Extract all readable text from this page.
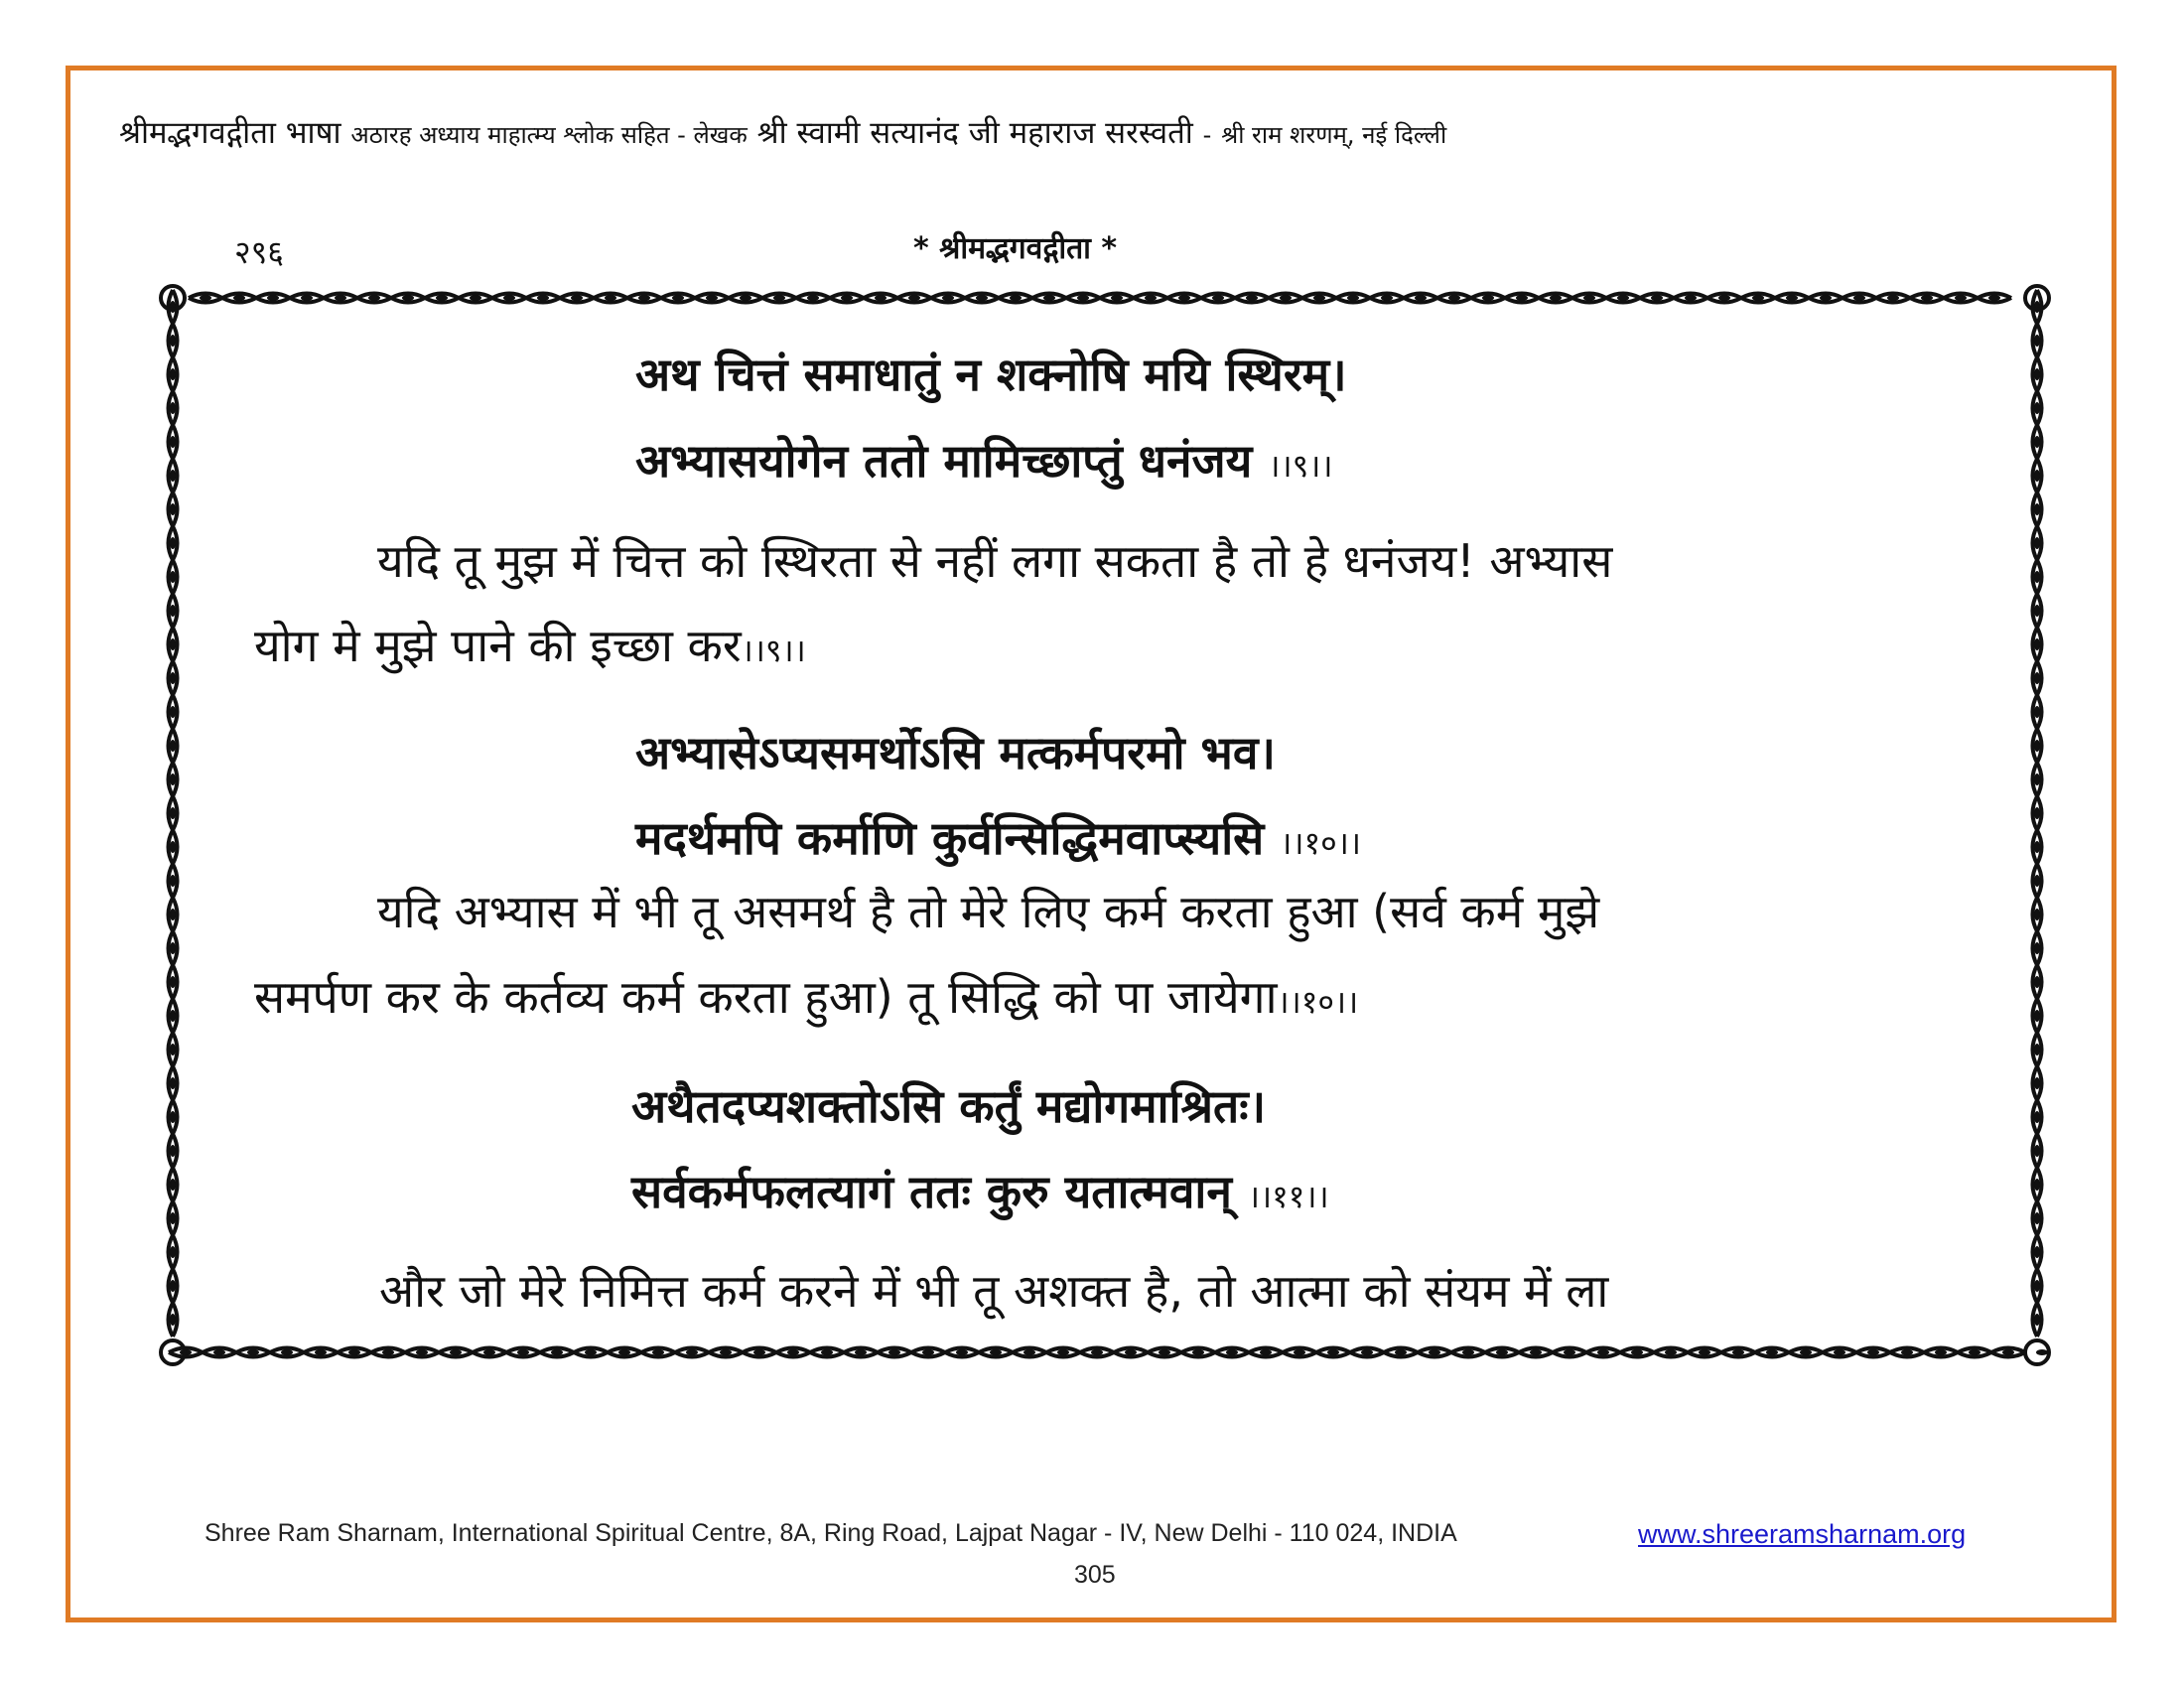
श्रीमद्भगवद्गीता भाषा अठारह अध्याय माहात्म्य श्लोक सहित - लेखक श्री स्वामी सत्यानंद जी महाराज सरस्वती - श्री राम शरणम्, नई दिल्ली
२९६	* श्रीमद्भगवद्गीता *
अथ चित्तं समाधातुं न शक्नोषि मयि स्थिरम्।
अभ्यासयोगेन ततो मामिच्छाप्तुं धनंजय ।।९।।
यदि तू मुझ में चित्त को स्थिरता से नहीं लगा सकता है तो हे धनंजय! अभ्यास
योग मे मुझे पाने की इच्छा कर।।९।।
अभ्यासेऽप्यसमर्थोऽसि मत्कर्मपरमो भव।
मदर्थमपि कर्माणि कुर्वन्सिद्धिमवाप्स्यसि ।।१०।।
यदि अभ्यास में भी तू असमर्थ है तो मेरे लिए कर्म करता हुआ (सर्व कर्म मुझे
समर्पण कर के कर्तव्य कर्म करता हुआ) तू सिद्धि को पा जायेगा।।१०।।
अथैतदप्यशक्तोऽसि कर्तुं मद्योगमाश्रितः।
सर्वकर्मफलत्यागं ततः कुरु यतात्मवान् ।।११।।
और जो मेरे निमित्त कर्म करने में भी तू अशक्त है, तो आत्मा को संयम में ला
Shree Ram Sharnam, International Spiritual Centre, 8A, Ring Road, Lajpat Nagar - IV, New Delhi - 110 024, INDIA	www.shreeramsharnam.org
305
